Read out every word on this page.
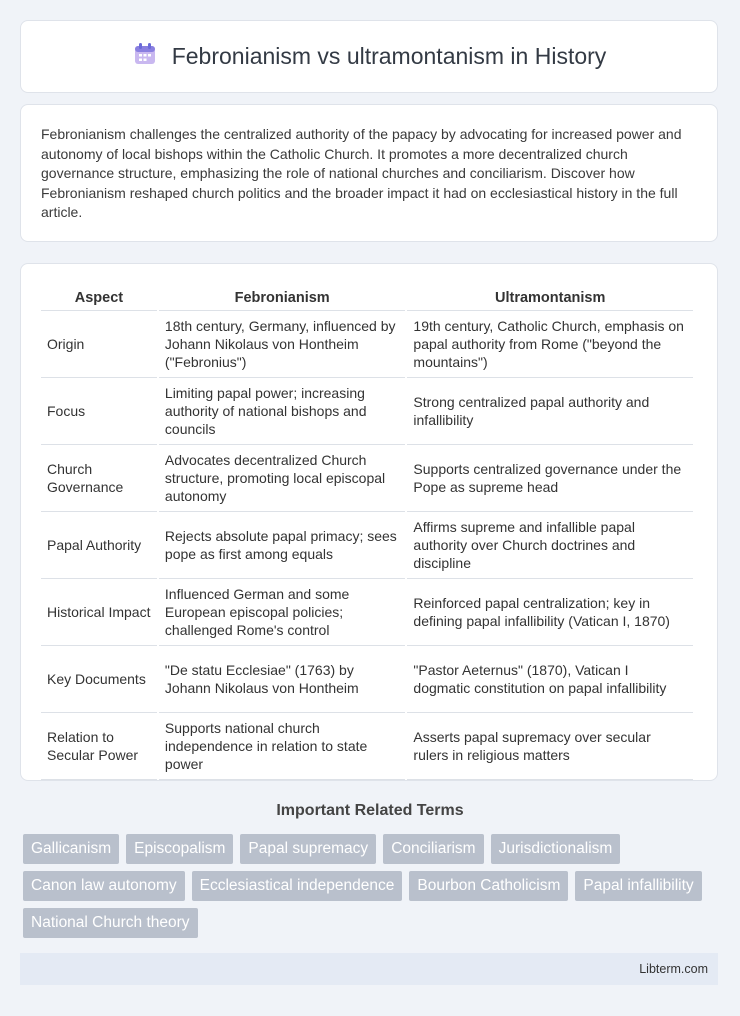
Febronianism vs ultramontanism in History

Febronianism challenges the centralized authority of the papacy by advocating for increased power and autonomy of local bishops within the Catholic Church. It promotes a more decentralized church governance structure, emphasizing the role of national churches and conciliarism. Discover how Febronianism reshaped church politics and the broader impact it had on ecclesiastical history in the full article.

Aspect	Febronianism	Ultramontanism
Origin	18th century, Germany, influenced by Johann Nikolaus von Hontheim ("Febronius")	19th century, Catholic Church, emphasis on papal authority from Rome ("beyond the mountains")
Focus	Limiting papal power; increasing authority of national bishops and councils	Strong centralized papal authority and infallibility
Church Governance	Advocates decentralized Church structure, promoting local episcopal autonomy	Supports centralized governance under the Pope as supreme head
Papal Authority	Rejects absolute papal primacy; sees pope as first among equals	Affirms supreme and infallible papal authority over Church doctrines and discipline
Historical Impact	Influenced German and some European episcopal policies; challenged Rome's control	Reinforced papal centralization; key in defining papal infallibility (Vatican I, 1870)
Key Documents	"De statu Ecclesiae" (1763) by Johann Nikolaus von Hontheim	"Pastor Aeternus" (1870), Vatican I dogmatic constitution on papal infallibility
Relation to Secular Power	Supports national church independence in relation to state power	Asserts papal supremacy over secular rulers in religious matters
Important Related Terms
Gallicanism	Episcopalism	Papal supremacy	Conciliarism	Jurisdictionalism
Canon law autonomy	Ecclesiastical independence	Bourbon Catholicism	Papal infallibility
National Church theory
Libterm.com
